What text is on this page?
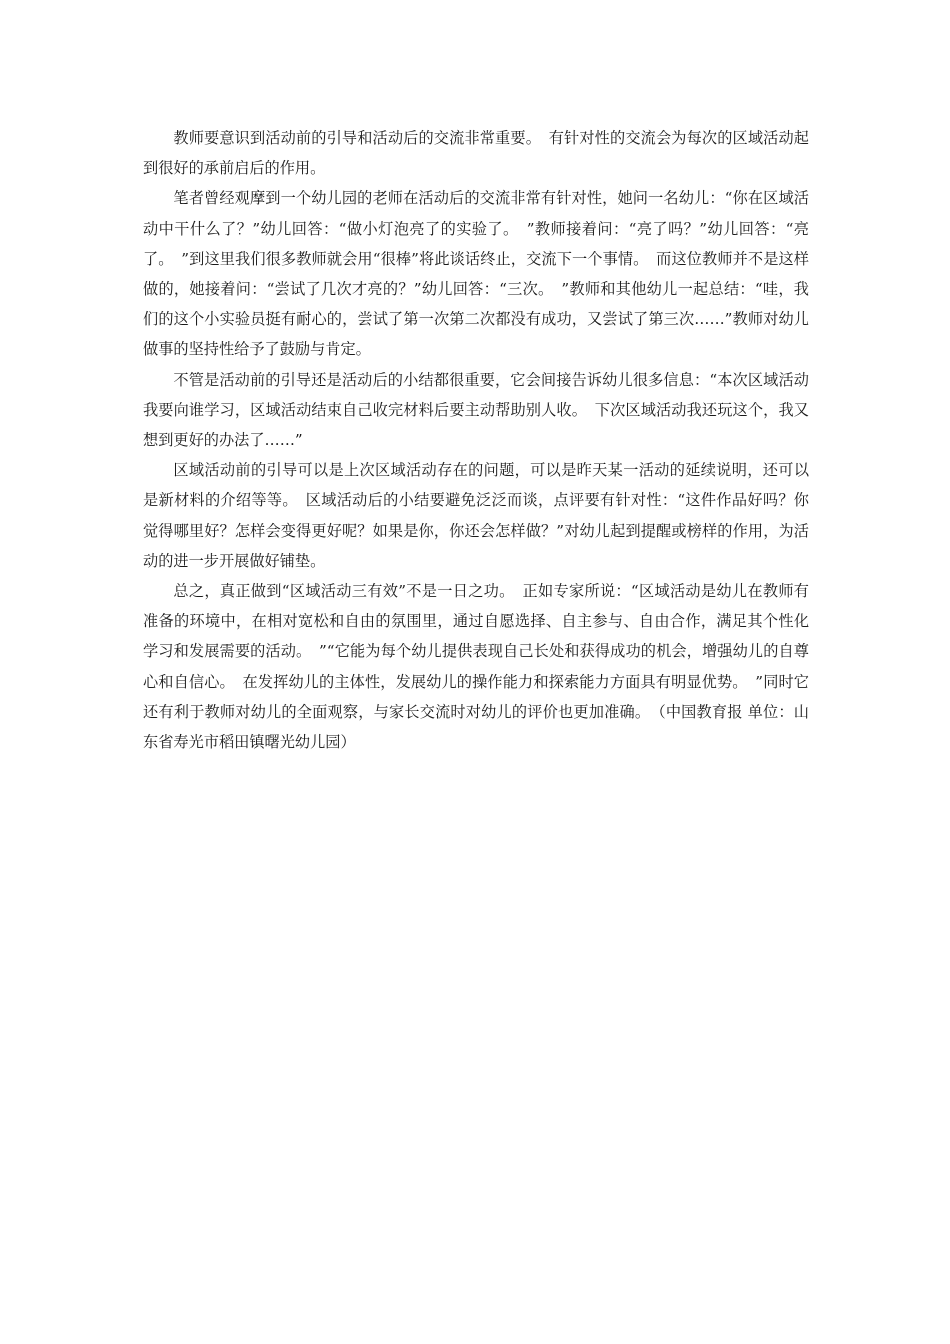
教师要意识到活动前的引导和活动后的交流非常重要。　有针对性的交流会为每次的区域活动起到很好的承前启后的作用。

笔者曾经观摩到一个幼儿园的老师在活动后的交流非常有针对性，她问一名幼儿：“你在区域活动中干什么了？”幼儿回答：“做小灯泡亮了的实验了。　”教师接着问：“亮了吗？”幼儿回答：“亮了。　”到这里我们很多教师就会用“很棒”将此谈话终止，交流下一个事情。　而这位教师并不是这样做的，她接着问：“尝试了几次才亮的？”幼儿回答：“三次。　”教师和其他幼儿一起总结：“哇，我们的这个小实验员挺有耐心的，尝试了第一次第二次都没有成功，又尝试了第三次……”教师对幼儿做事的坚持性给予了鼓励与肯定。

不管是活动前的引导还是活动后的小结都很重要，它会间接告诉幼儿很多信息：“本次区域活动我要向谁学习，区域活动结束自己收完材料后要主动帮助别人收。　下次区域活动我还玩这个，我又想到更好的办法了……”

区域活动前的引导可以是上次区域活动存在的问题，可以是昨天某一活动的延续说明，还可以是新材料的介绍等等。　区域活动后的小结要避免泛泛而谈，点评要有针对性：“这件作品好吗？你觉得哪里好？怎样会变得更好呢？如果是你，你还会怎样做？”对幼儿起到提醒或榜样的作用，为活动的进一步开展做好铺垫。

总之，真正做到“区域活动三有效”不是一日之功。　正如专家所说：“区域活动是幼儿在教师有准备的环境中，在相对宽松和自由的氛围里，通过自愿选择、自主参与、自由合作，满足其个性化学习和发展需要的活动。　”“它能为每个幼儿提供表现自己长处和获得成功的机会，增强幼儿的自尊心和自信心。　在发挥幼儿的主体性，发展幼儿的操作能力和探索能力方面具有明显优势。　”同时它还有利于教师对幼儿的全面观察，与家长交流时对幼儿的评价也更加准确。　（中国教育报 单位：山东省寿光市稻田镇曙光幼儿园）
